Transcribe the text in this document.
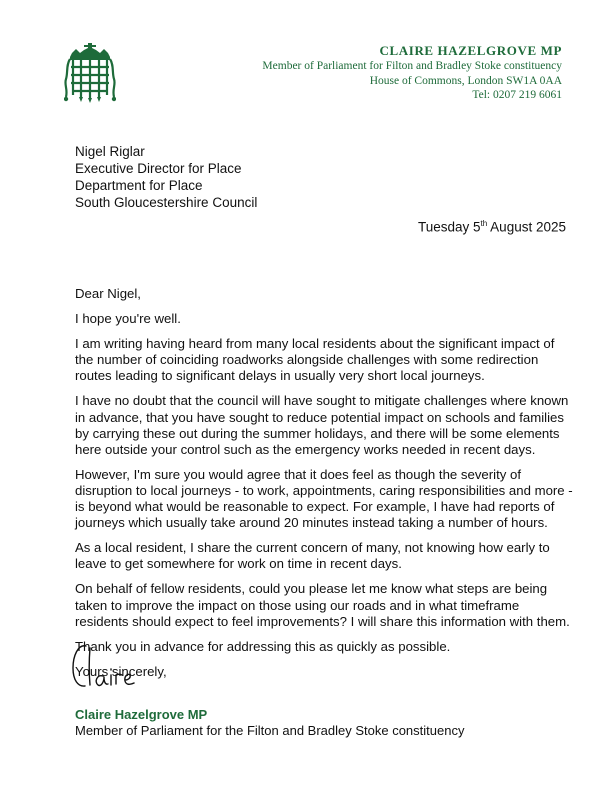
CLAIRE HAZELGROVE MP
Member of Parliament for Filton and Bradley Stoke constituency
House of Commons, London SW1A 0AA
Tel: 0207 219 6061
Nigel Riglar
Executive Director for Place
Department for Place
South Gloucestershire Council
Tuesday 5th August 2025

Dear Nigel,

I hope you're well.

I am writing having heard from many local residents about the significant impact of the number of coinciding roadworks alongside challenges with some redirection routes leading to significant delays in usually very short local journeys.

I have no doubt that the council will have sought to mitigate challenges where known in advance, that you have sought to reduce potential impact on schools and families by carrying these out during the summer holidays, and there will be some elements here outside your control such as the emergency works needed in recent days.

However, I'm sure you would agree that it does feel as though the severity of disruption to local journeys - to work, appointments, caring responsibilities and more - is beyond what would be reasonable to expect. For example, I have had reports of journeys which usually take around 20 minutes instead taking a number of hours.

As a local resident, I share the current concern of many, not knowing how early to leave to get somewhere for work on time in recent days.

On behalf of fellow residents, could you please let me know what steps are being taken to improve the impact on those using our roads and in what timeframe residents should expect to feel improvements? I will share this information with them.

Thank you in advance for addressing this as quickly as possible.

Yours sincerely,

Claire Hazelgrove MP
Member of Parliament for the Filton and Bradley Stoke constituency
